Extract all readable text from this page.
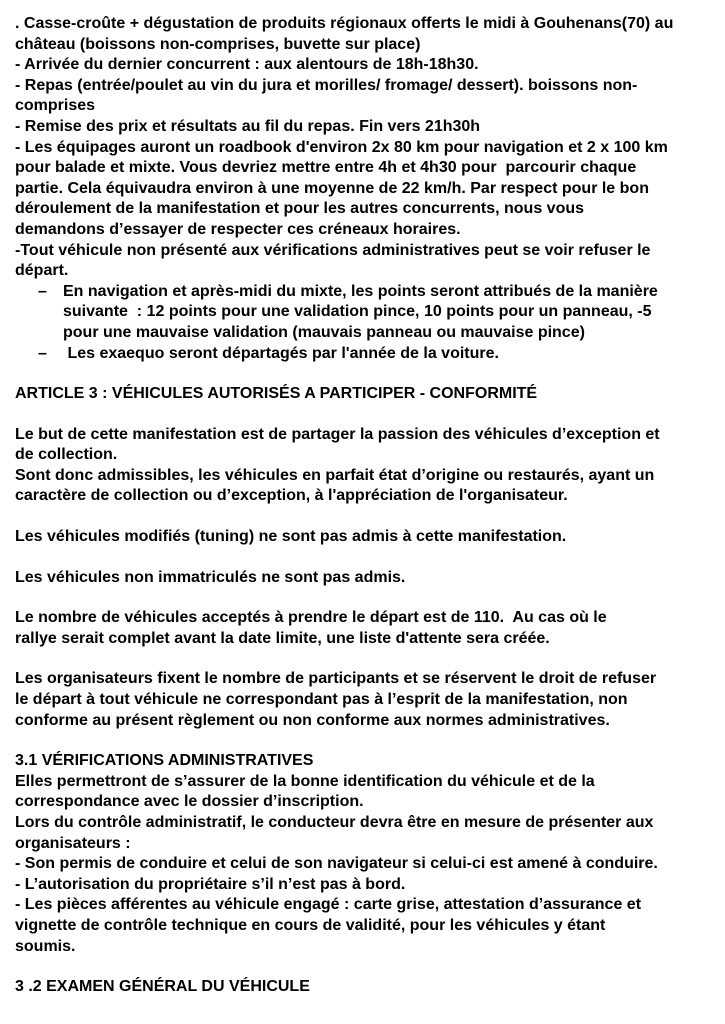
. Casse-croûte + dégustation de produits régionaux offerts le midi à Gouhenans(70) au
château (boissons non-comprises, buvette sur place)
- Arrivée du dernier concurrent : aux alentours de 18h-18h30.
- Repas (entrée/poulet au vin du jura et morilles/ fromage/ dessert). boissons non-
comprises
- Remise des prix et résultats au fil du repas. Fin vers 21h30h
- Les équipages auront un roadbook d'environ 2x 80 km pour navigation et 2 x 100 km
pour balade et mixte. Vous devriez mettre entre 4h et 4h30 pour  parcourir chaque
partie. Cela équivaudra environ à une moyenne de 22 km/h. Par respect pour le bon
déroulement de la manifestation et pour les autres concurrents, nous vous
demandons d’essayer de respecter ces créneaux horaires.
-Tout véhicule non présenté aux vérifications administratives peut se voir refuser le
départ.
–	En navigation et après-midi du mixte, les points seront attribués de la manière
suivante  : 12 points pour une validation pince, 10 points pour un panneau, -5
pour une mauvaise validation (mauvais panneau ou mauvaise pince)
–	Les exaequo seront départagés par l'année de la voiture.
ARTICLE 3 : VÉHICULES AUTORISÉS A PARTICIPER - CONFORMITÉ
Le but de cette manifestation est de partager la passion des véhicules d’exception et
de collection.
Sont donc admissibles, les véhicules en parfait état d’origine ou restaurés, ayant un
caractère de collection ou d’exception, à l'appréciation de l'organisateur.
Les véhicules modifiés (tuning) ne sont pas admis à cette manifestation.
Les véhicules non immatriculés ne sont pas admis.
Le nombre de véhicules acceptés à prendre le départ est de 110.  Au cas où le
rallye serait complet avant la date limite, une liste d'attente sera créée.
Les organisateurs fixent le nombre de participants et se réservent le droit de refuser
le départ à tout véhicule ne correspondant pas à l’esprit de la manifestation, non
conforme au présent règlement ou non conforme aux normes administratives.
3.1 VÉRIFICATIONS ADMINISTRATIVES
Elles permettront de s’assurer de la bonne identification du véhicule et de la
correspondance avec le dossier d’inscription.
Lors du contrôle administratif, le conducteur devra être en mesure de présenter aux
organisateurs :
- Son permis de conduire et celui de son navigateur si celui-ci est amené à conduire.
- L’autorisation du propriétaire s’il n’est pas à bord.
- Les pièces afférentes au véhicule engagé : carte grise, attestation d’assurance et
vignette de contrôle technique en cours de validité, pour les véhicules y étant
soumis.
3 .2 EXAMEN GÉNÉRAL DU VÉHICULE
